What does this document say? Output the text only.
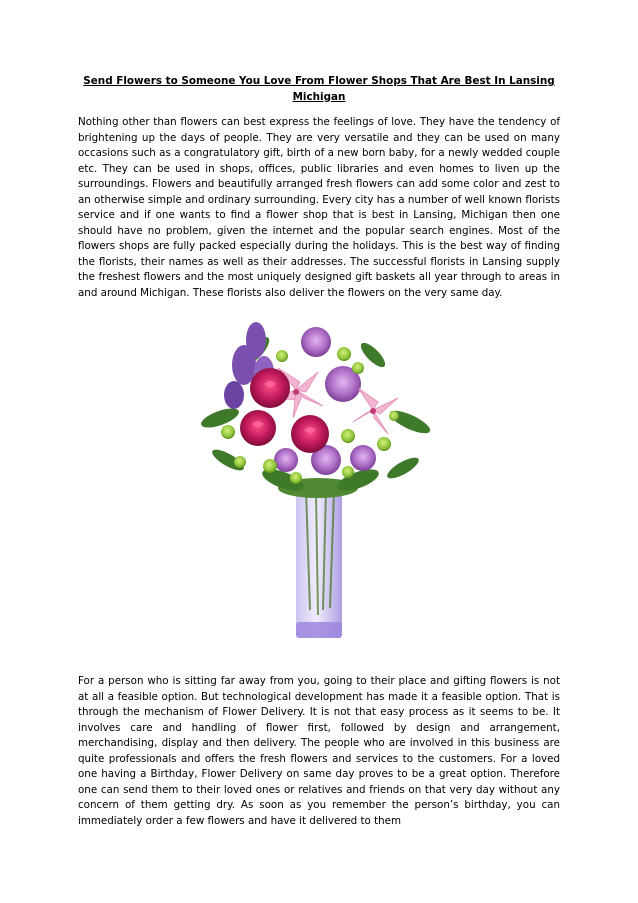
Send Flowers to Someone You Love From Flower Shops That Are Best In Lansing Michigan

Nothing other than flowers can best express the feelings of love. They have the tendency of brightening up the days of people. They are very versatile and they can be used on many occasions such as a congratulatory gift, birth of a new born baby, for a newly wedded couple etc. They can be used in shops, offices, public libraries and even homes to liven up the surroundings. Flowers and beautifully arranged fresh flowers can add some color and zest to an otherwise simple and ordinary surrounding. Every city has a number of well known florists service and if one wants to find a flower shop that is best in Lansing, Michigan then one should have no problem, given the internet and the popular search engines. Most of the flowers shops are fully packed especially during the holidays. This is the best way of finding the florists, their names as well as their addresses. The successful florists in Lansing supply the freshest flowers and the most uniquely designed gift baskets all year through to areas in and around Michigan. These florists also deliver the flowers on the very same day.

For a person who is sitting far away from you, going to their place and gifting flowers is not at all a feasible option. But technological development has made it a feasible option. That is through the mechanism of Flower Delivery. It is not that easy process as it seems to be. It involves care and handling of flower first, followed by design and arrangement, merchandising, display and then delivery. The people who are involved in this business are quite professionals and offers the fresh flowers and services to the customers. For a loved one having a Birthday, Flower Delivery on same day proves to be a great option. Therefore one can send them to their loved ones or relatives and friends on that very day without any concern of them getting dry. As soon as you remember the person’s birthday, you can immediately order a few flowers and have it delivered to them
